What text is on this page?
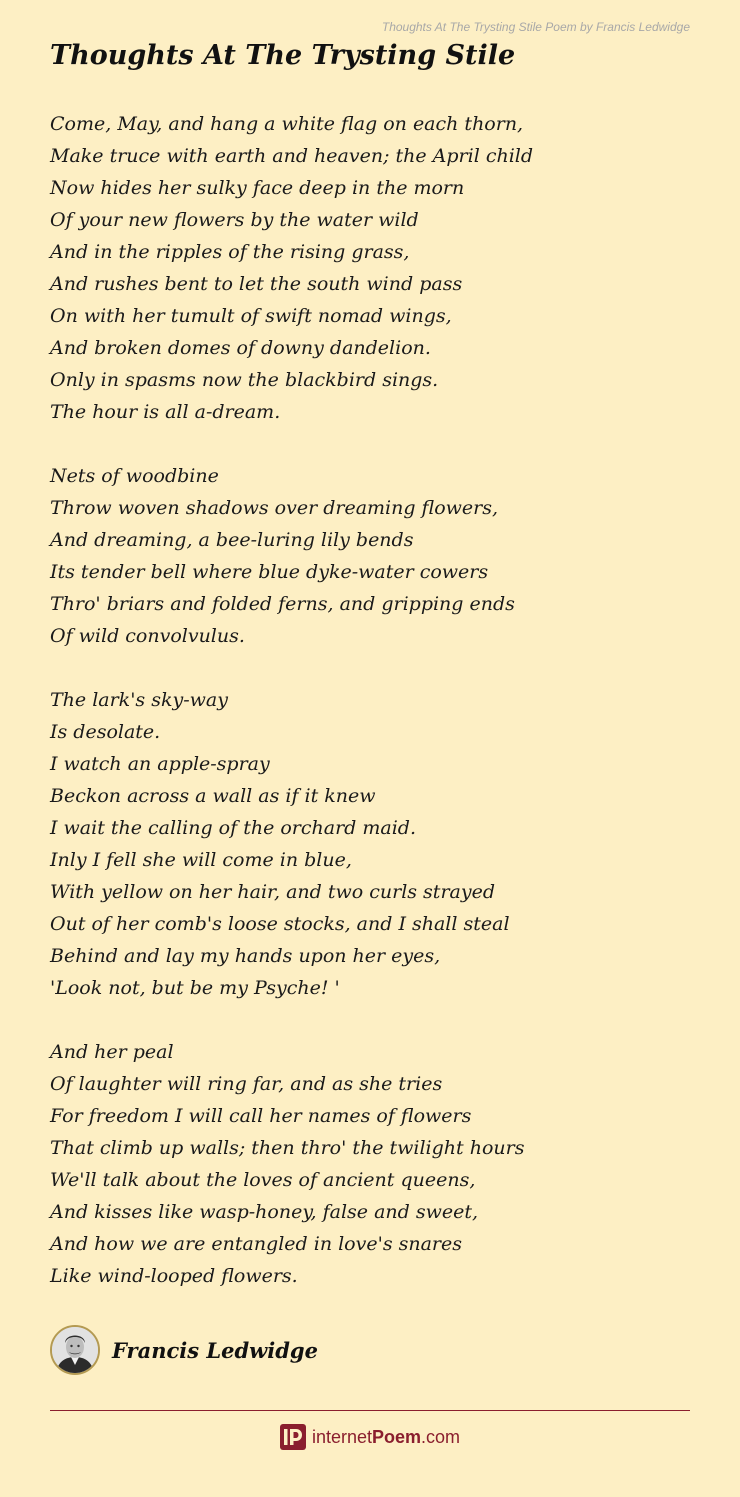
Thoughts At The Trysting Stile Poem by Francis Ledwidge
Thoughts At The Trysting Stile
Come, May, and hang a white flag on each thorn,
Make truce with earth and heaven; the April child
Now hides her sulky face deep in the morn
Of your new flowers by the water wild
And in the ripples of the rising grass,
And rushes bent to let the south wind pass
On with her tumult of swift nomad wings,
And broken domes of downy dandelion.
Only in spasms now the blackbird sings.
The hour is all a-dream.
Nets of woodbine
Throw woven shadows over dreaming flowers,
And dreaming, a bee-luring lily bends
Its tender bell where blue dyke-water cowers
Thro' briars and folded ferns, and gripping ends
Of wild convolvulus.
The lark's sky-way
Is desolate.
I watch an apple-spray
Beckon across a wall as if it knew
I wait the calling of the orchard maid.
Inly I fell she will come in blue,
With yellow on her hair, and two curls strayed
Out of her comb's loose stocks, and I shall steal
Behind and lay my hands upon her eyes,
'Look not, but be my Psyche! '
And her peal
Of laughter will ring far, and as she tries
For freedom I will call her names of flowers
That climb up walls; then thro' the twilight hours
We'll talk about the loves of ancient queens,
And kisses like wasp-honey, false and sweet,
And how we are entangled in love's snares
Like wind-looped flowers.
Francis Ledwidge
internet Poem .com
